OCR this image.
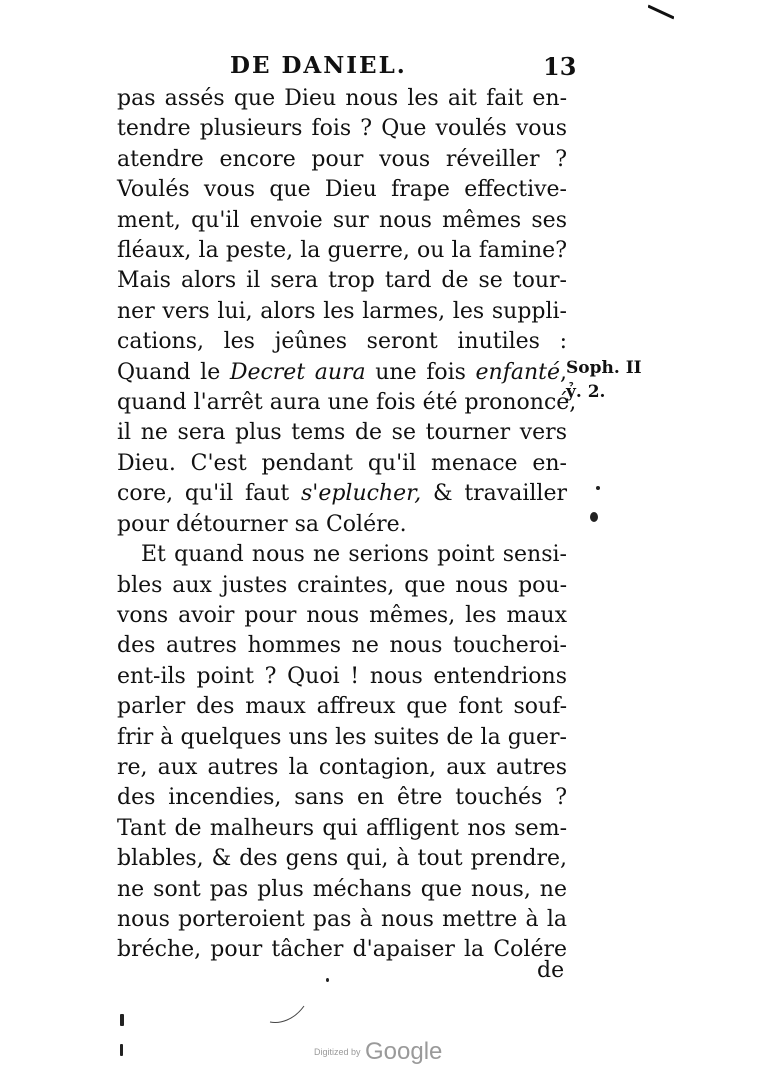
DE DANIEL.	13
pas assés que Dieu nous les ait fait en-
tendre plusieurs fois ? Que voulés vous
atendre encore pour vous réveiller ?
Voulés vous que Dieu frape effective-
ment, qu'il envoie sur nous mêmes ses
fléaux, la peste, la guerre, ou la famine?
Mais alors il sera trop tard de se tour-
ner vers lui, alors les larmes, les suppli-
cations, les jeûnes seront inutiles :
Quand le Decret aura une fois enfanté,
quand l'arrêt aura une fois été prononcé,
il ne sera plus tems de se tourner vers
Dieu. C'est pendant qu'il menace en-
core, qu'il faut s'eplucher, & travailler
pour détourner sa Colére.
Et quand nous ne serions point sensi-
bles aux justes craintes, que nous pou-
vons avoir pour nous mêmes, les maux
des autres hommes ne nous toucheroi-
ent-ils point ? Quoi ! nous entendrions
parler des maux affreux que font souf-
frir à quelques uns les suites de la guer-
re, aux autres la contagion, aux autres
des incendies, sans en être touchés ?
Tant de malheurs qui affligent nos sem-
blables, & des gens qui, à tout prendre,
ne sont pas plus méchans que nous, ne
nous porteroient pas à nous mettre à la
bréche, pour tâcher d'apaiser la Colére
Soph. II
ỷ. 2.
de
Digitized by Google
